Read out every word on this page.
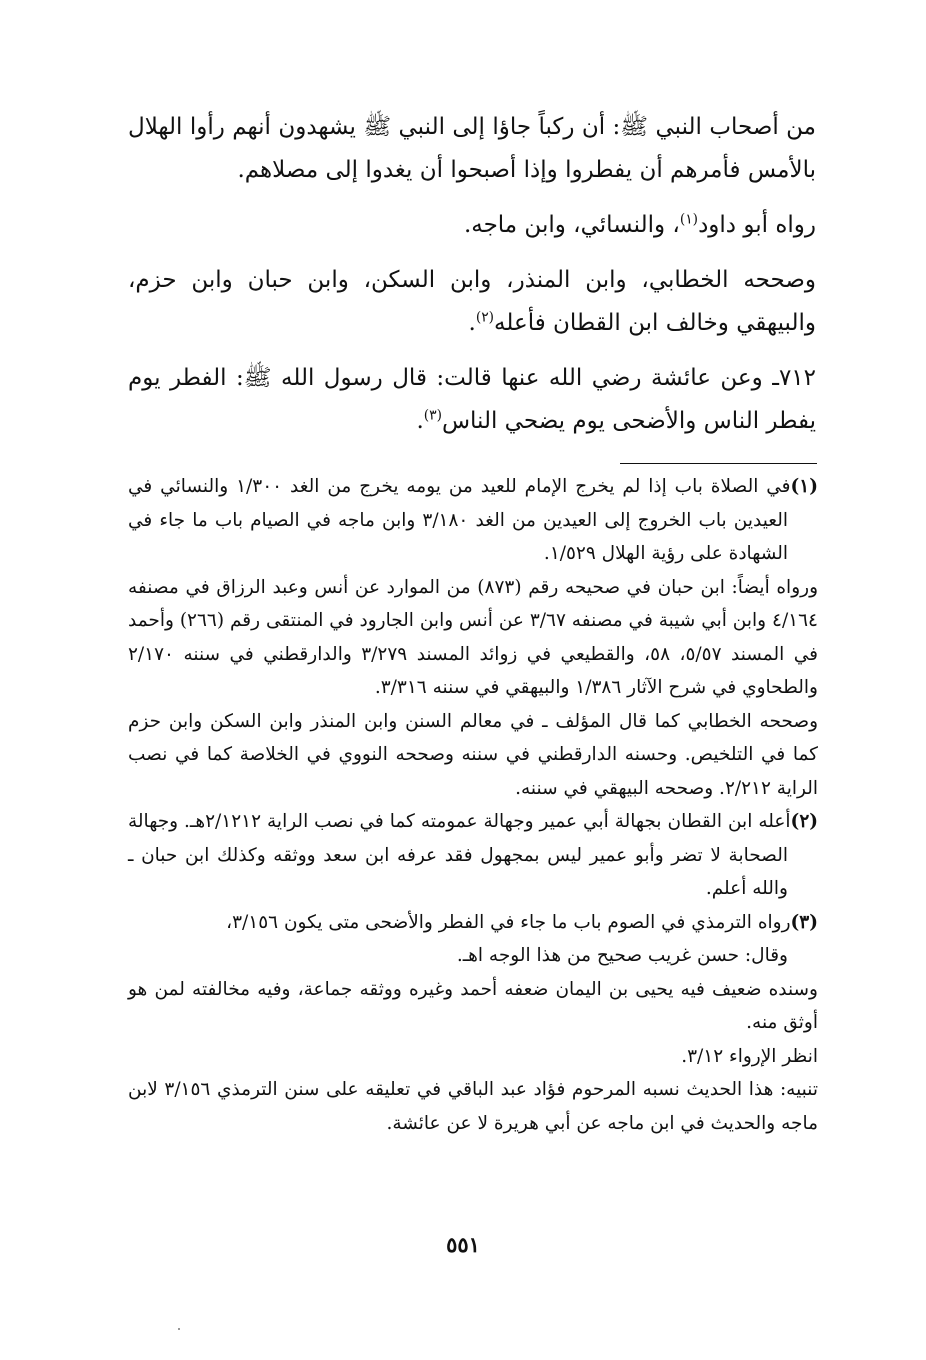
من أصحاب النبي ﷺ: أن ركباً جاؤا إلى النبي ﷺ يشهدون أنهم رأوا الهلال بالأمس فأمرهم أن يفطروا وإذا أصبحوا أن يغدوا إلى مصلاهم.

رواه أبو داود$^{(١)}$، والنسائي، وابن ماجه.

وصححه الخطابي، وابن المنذر، وابن السكن، وابن حبان وابن حزم، والبيهقي وخالف ابن القطان فأعله$^{(٢)}$.

٧١٢ـ وعن عائشة رضي الله عنها قالت: قال رسول الله ﷺ: الفطر يوم يفطر الناس والأضحى يوم يضحي الناس$^{(٣)}$.

(١)في الصلاة باب إذا لم يخرج الإمام للعيد من يومه يخرج من الغد ١/٣٠٠ والنسائي في العيدين باب الخروج إلى العيدين من الغد ٣/١٨٠ وابن ماجه في الصيام باب ما جاء في الشهادة على رؤية الهلال ١/٥٢٩.

ورواه أيضاً: ابن حبان في صحيحه رقم (٨٧٣) من الموارد عن أنس وعبد الرزاق في مصنفه ٤/١٦٤ وابن أبي شيبة في مصنفه ٣/٦٧ عن أنس وابن الجارود في المنتقى رقم (٢٦٦) وأحمد في المسند ٥/٥٧، ٥٨، والقطيعي في زوائد المسند ٣/٢٧٩ والدارقطني في سننه ٢/١٧٠ والطحاوي في شرح الآثار ١/٣٨٦ والبيهقي في سننه ٣/٣١٦.

وصححه الخطابي كما قال المؤلف ـ في معالم السنن وابن المنذر وابن السكن وابن حزم كما في التلخيص. وحسنه الدارقطني في سننه وصححه النووي في الخلاصة كما في نصب الراية ٢/٢١٢. وصححه البيهقي في سننه.

(٢)أعله ابن القطان بجهالة أبي عمير وجهالة عمومته كما في نصب الراية ٢/١٢١٢هـ. وجهالة الصحابة لا تضر وأبو عمير ليس بمجهول فقد عرفه ابن سعد ووثقه وكذلك ابن حبان ـ والله أعلم.

(٣)رواه الترمذي في الصوم باب ما جاء في الفطر والأضحى متى يكون ٣/١٥٦،

وقال: حسن غريب صحيح من هذا الوجه اهـ.

وسنده ضعيف فيه يحيى بن اليمان ضعفه أحمد وغيره ووثقه جماعة، وفيه مخالفته لمن هو أوثق منه.

انظر الإرواء ٣/١٢.

تنبيه: هذا الحديث نسبه المرحوم فؤاد عبد الباقي في تعليقه على سنن الترمذي ٣/١٥٦ لابن ماجه والحديث في ابن ماجه عن أبي هريرة لا عن عائشة.

٥٥١
